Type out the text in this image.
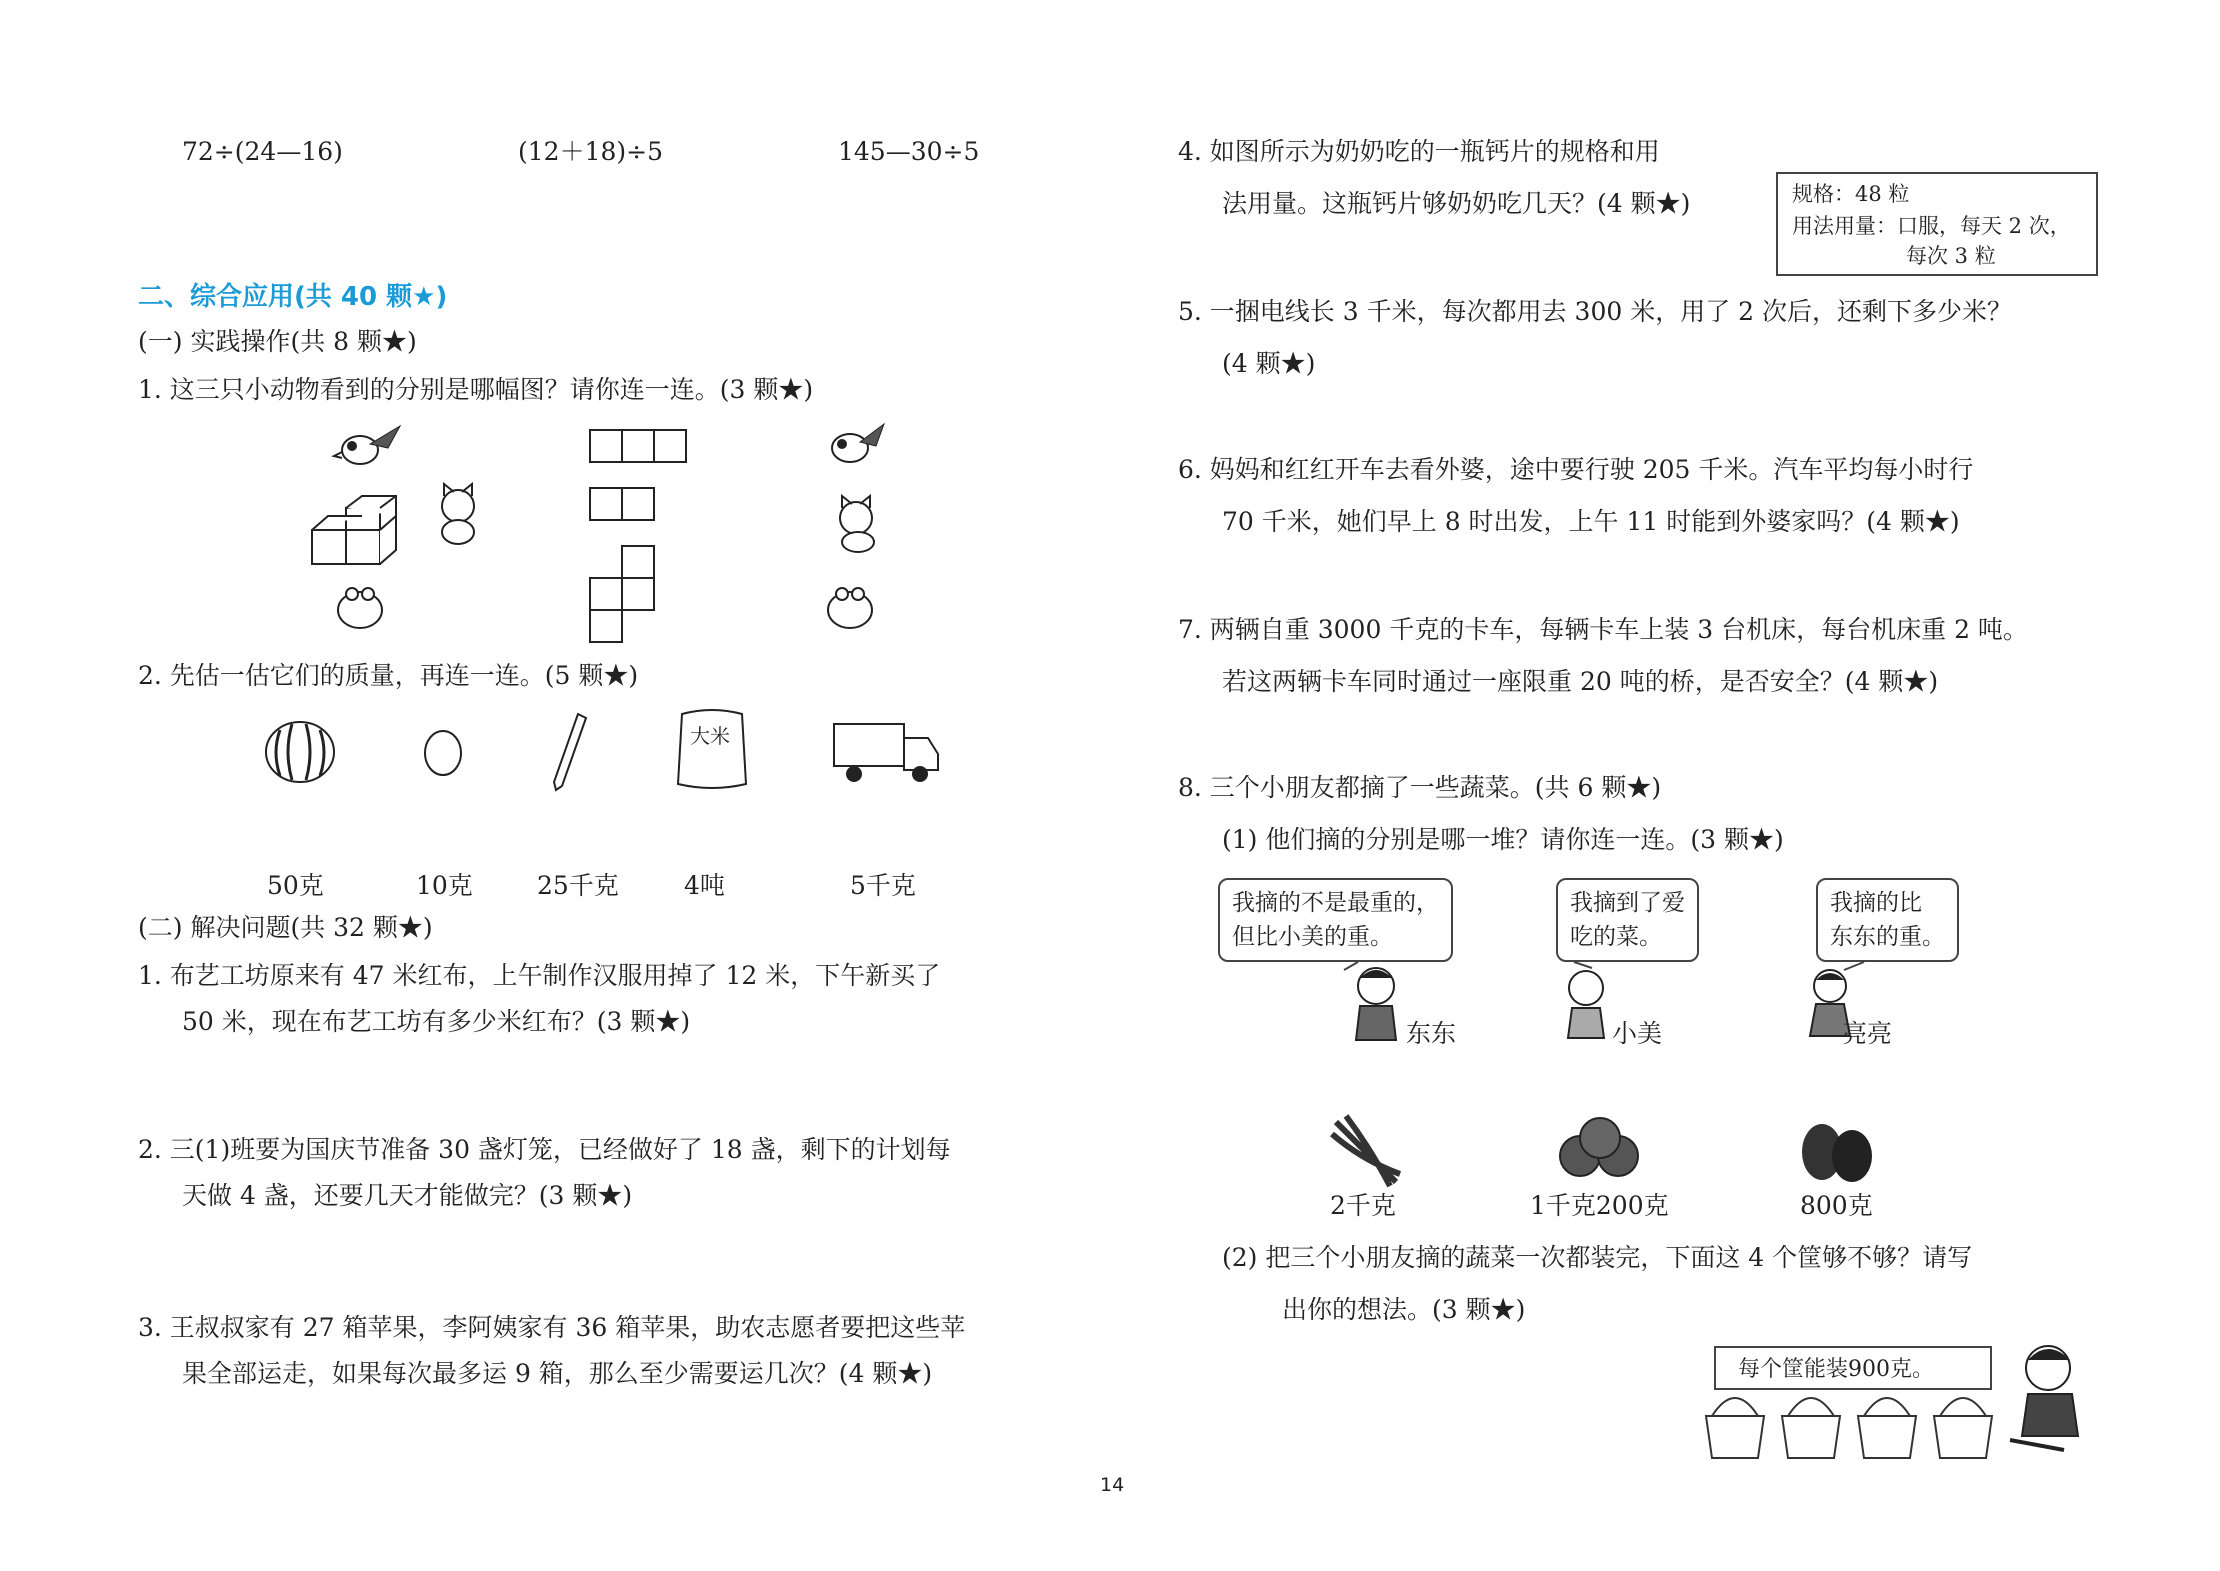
72÷(24—16)	(12＋18)÷5	145—30÷5
二、综合应用(共 40 颗★)
(一) 实践操作(共 8 颗★)
1. 这三只小动物看到的分别是哪幅图？请你连一连。(3 颗★)
2. 先估一估它们的质量，再连一连。(5 颗★)
大米
50克	10克	25千克	4吨	5千克
(二) 解决问题(共 32 颗★)
1. 布艺工坊原来有 47 米红布，上午制作汉服用掉了 12 米，下午新买了
50 米，现在布艺工坊有多少米红布？(3 颗★)
2. 三(1)班要为国庆节准备 30 盏灯笼，已经做好了 18 盏，剩下的计划每
天做 4 盏，还要几天才能做完？(3 颗★)
3. 王叔叔家有 27 箱苹果，李阿姨家有 36 箱苹果，助农志愿者要把这些苹
果全部运走，如果每次最多运 9 箱，那么至少需要运几次？(4 颗★)
4. 如图所示为奶奶吃的一瓶钙片的规格和用
法用量。这瓶钙片够奶奶吃几天？(4 颗★)	规格：48 粒
用法用量：口服，每天 2 次，
每次 3 粒
5. 一捆电线长 3 千米，每次都用去 300 米，用了 2 次后，还剩下多少米？
(4 颗★)
6. 妈妈和红红开车去看外婆，途中要行驶 205 千米。汽车平均每小时行
70 千米，她们早上 8 时出发，上午 11 时能到外婆家吗？(4 颗★)
7. 两辆自重 3000 千克的卡车，每辆卡车上装 3 台机床，每台机床重 2 吨。
若这两辆卡车同时通过一座限重 20 吨的桥，是否安全？(4 颗★)
8. 三个小朋友都摘了一些蔬菜。(共 6 颗★)
(1) 他们摘的分别是哪一堆？请你连一连。(3 颗★)
我摘的不是最重的，
但比小美的重。
我摘到了爱
吃的菜。
我摘的比
东东的重。
东东	小美	亮亮
2千克	1千克200克	800克
(2) 把三个小朋友摘的蔬菜一次都装完，下面这 4 个筐够不够？请写
出你的想法。(3 颗★)
每个筐能装900克。
14
